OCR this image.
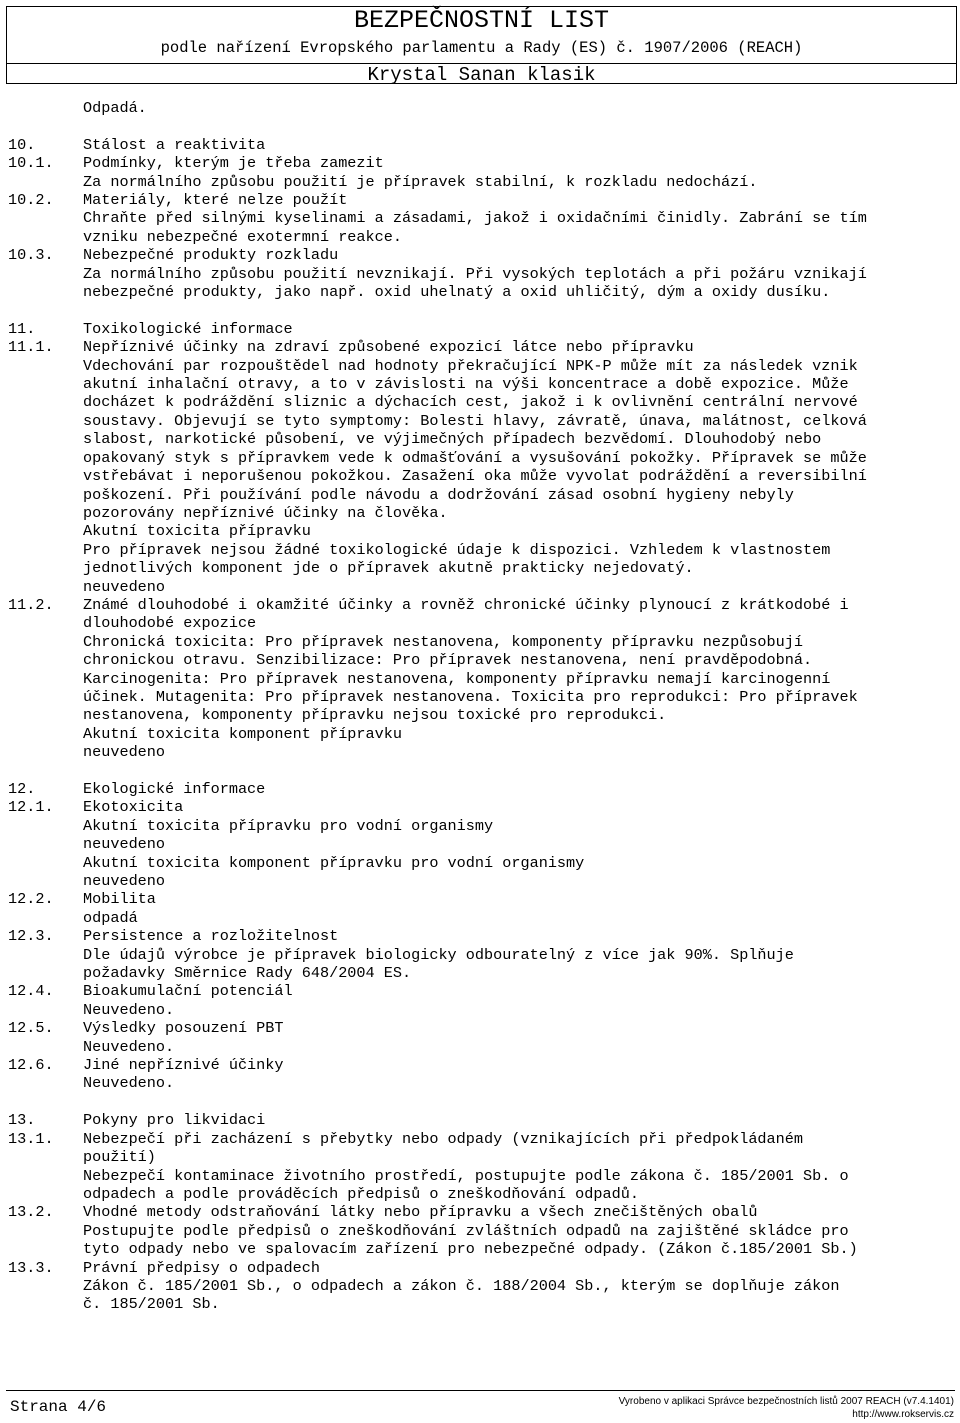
BEZPEČNOSTNÍ LIST
podle nařízení Evropského parlamentu a Rady (ES) č. 1907/2006 (REACH)
Krystal Sanan klasik
Odpadá.
10.	Stálost a reaktivita
10.1.	Podmínky, kterým je třeba zamezit
Za normálního způsobu použití je přípravek stabilní, k rozkladu nedochází.
10.2.	Materiály, které nelze použít
Chraňte před silnými kyselinami a zásadami, jakož i oxidačními činidly. Zabrání se tím
vzniku nebezpečné exotermní reakce.
10.3.	Nebezpečné produkty rozkladu
Za normálního způsobu použití nevznikají. Při vysokých teplotách a při požáru vznikají
nebezpečné produkty, jako např. oxid uhelnatý a oxid uhličitý, dým a oxidy dusíku.
11.	Toxikologické informace
11.1.	Nepříznivé účinky na zdraví způsobené expozicí látce nebo přípravku
Vdechování par rozpouštědel nad hodnoty překračující NPK-P může mít za následek vznik
akutní inhalační otravy, a to v závislosti na výši koncentrace a době expozice. Může
docházet k podráždění sliznic a dýchacích cest, jakož i k ovlivnění centrální nervové
soustavy. Objevují se tyto symptomy: Bolesti hlavy, závratě, únava, malátnost, celková
slabost, narkotické působení, ve výjimečných případech bezvědomí. Dlouhodobý nebo
opakovaný styk s přípravkem vede k odmašťování a vysušování pokožky. Přípravek se může
vstřebávat i neporušenou pokožkou. Zasažení oka může vyvolat podráždění a reversibilní
poškození. Při používání podle návodu a dodržování zásad osobní hygieny nebyly
pozorovány nepříznivé účinky na člověka.
Akutní toxicita přípravku
Pro přípravek nejsou žádné toxikologické údaje k dispozici. Vzhledem k vlastnostem
jednotlivých komponent jde o přípravek akutně prakticky nejedovatý.
neuvedeno
11.2.	Známé dlouhodobé i okamžité účinky a rovněž chronické účinky plynoucí z krátkodobé i
dlouhodobé expozice
Chronická toxicita: Pro přípravek nestanovena, komponenty přípravku nezpůsobují
chronickou otravu. Senzibilizace: Pro přípravek nestanovena, není pravděpodobná.
Karcinogenita: Pro přípravek nestanovena, komponenty přípravku nemají karcinogenní
účinek. Mutagenita: Pro přípravek nestanovena. Toxicita pro reprodukci: Pro přípravek
nestanovena, komponenty přípravku nejsou toxické pro reprodukci.
Akutní toxicita komponent přípravku
neuvedeno
12.	Ekologické informace
12.1.	Ekotoxicita
Akutní toxicita přípravku pro vodní organismy
neuvedeno
Akutní toxicita komponent přípravku pro vodní organismy
neuvedeno
12.2.	Mobilita
odpadá
12.3.	Persistence a rozložitelnost
Dle údajů výrobce je přípravek biologicky odbouratelný z více jak 90%. Splňuje
požadavky Směrnice Rady 648/2004 ES.
12.4.	Bioakumulační potenciál
Neuvedeno.
12.5.	Výsledky posouzení PBT
Neuvedeno.
12.6.	Jiné nepříznivé účinky
Neuvedeno.
13.	Pokyny pro likvidaci
13.1.	Nebezpečí při zacházení s přebytky nebo odpady (vznikajících při předpokládaném
použití)
Nebezpečí kontaminace životního prostředí, postupujte podle zákona č. 185/2001 Sb. o
odpadech a podle prováděcích předpisů o zneškodňování odpadů.
13.2.	Vhodné metody odstraňování látky nebo přípravku a všech znečištěných obalů
Postupujte podle předpisů o zneškodňování zvláštních odpadů na zajištěné skládce pro
tyto odpady nebo ve spalovacím zařízení pro nebezpečné odpady. (Zákon č.185/2001 Sb.)
13.3.	Právní předpisy o odpadech
Zákon č. 185/2001 Sb., o odpadech a zákon č. 188/2004 Sb., kterým se doplňuje zákon
č. 185/2001 Sb.
Strana 4/6	Vyrobeno v aplikaci Správce bezpečnostních listů 2007 REACH (v7.4.1401)
http://www.rokservis.cz
